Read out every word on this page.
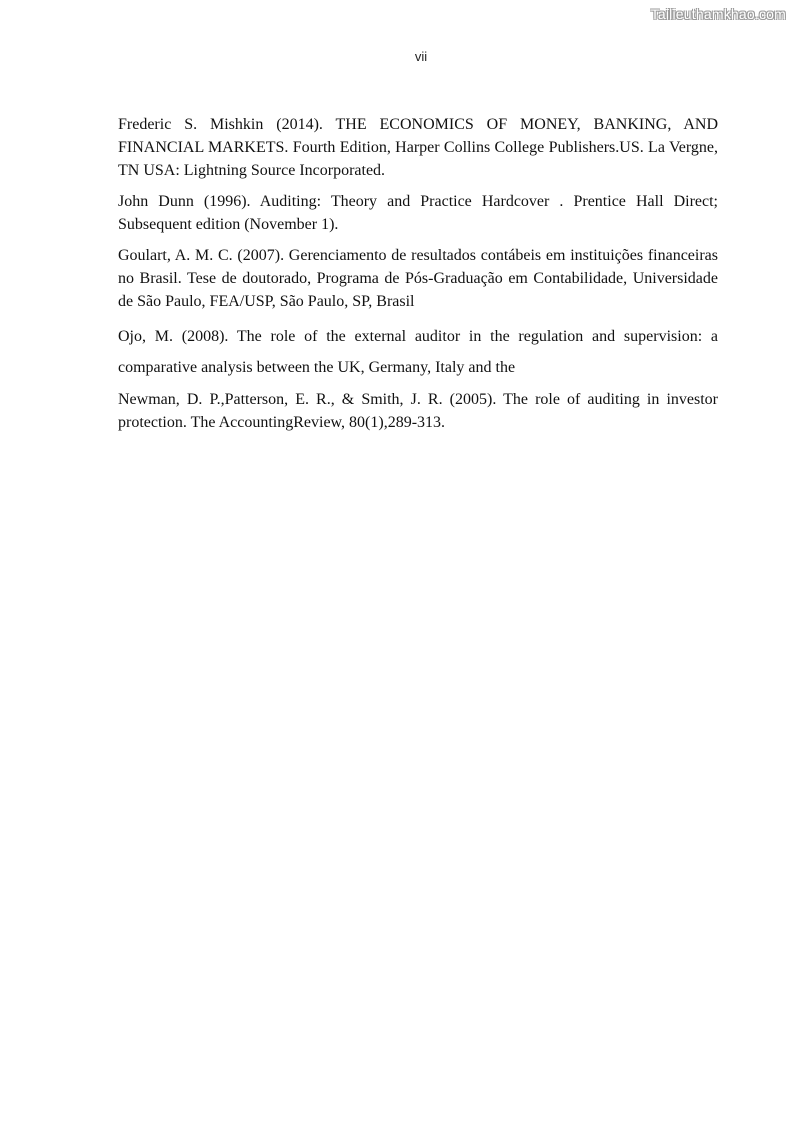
Tailieuthamkhao.com
vii

Frederic S. Mishkin (2014). THE ECONOMICS OF MONEY, BANKING, AND FINANCIAL MARKETS. Fourth Edition, Harper Collins College Publishers.US. La Vergne, TN USA: Lightning Source Incorporated.

John Dunn (1996). Auditing: Theory and Practice Hardcover . Prentice Hall Direct; Subsequent edition (November 1).

Goulart, A. M. C. (2007). Gerenciamento de resultados contábeis em instituições financeiras no Brasil. Tese de doutorado, Programa de Pós-Graduação em Contabilidade, Universidade de São Paulo, FEA/USP, São Paulo, SP, Brasil

Ojo, M. (2008). The role of the external auditor in the regulation and supervision: a comparative analysis between the UK, Germany, Italy and the

Newman, D. P.,Patterson, E. R., & Smith, J. R. (2005). The role of auditing in investor protection. The AccountingReview, 80(1),289-313.
